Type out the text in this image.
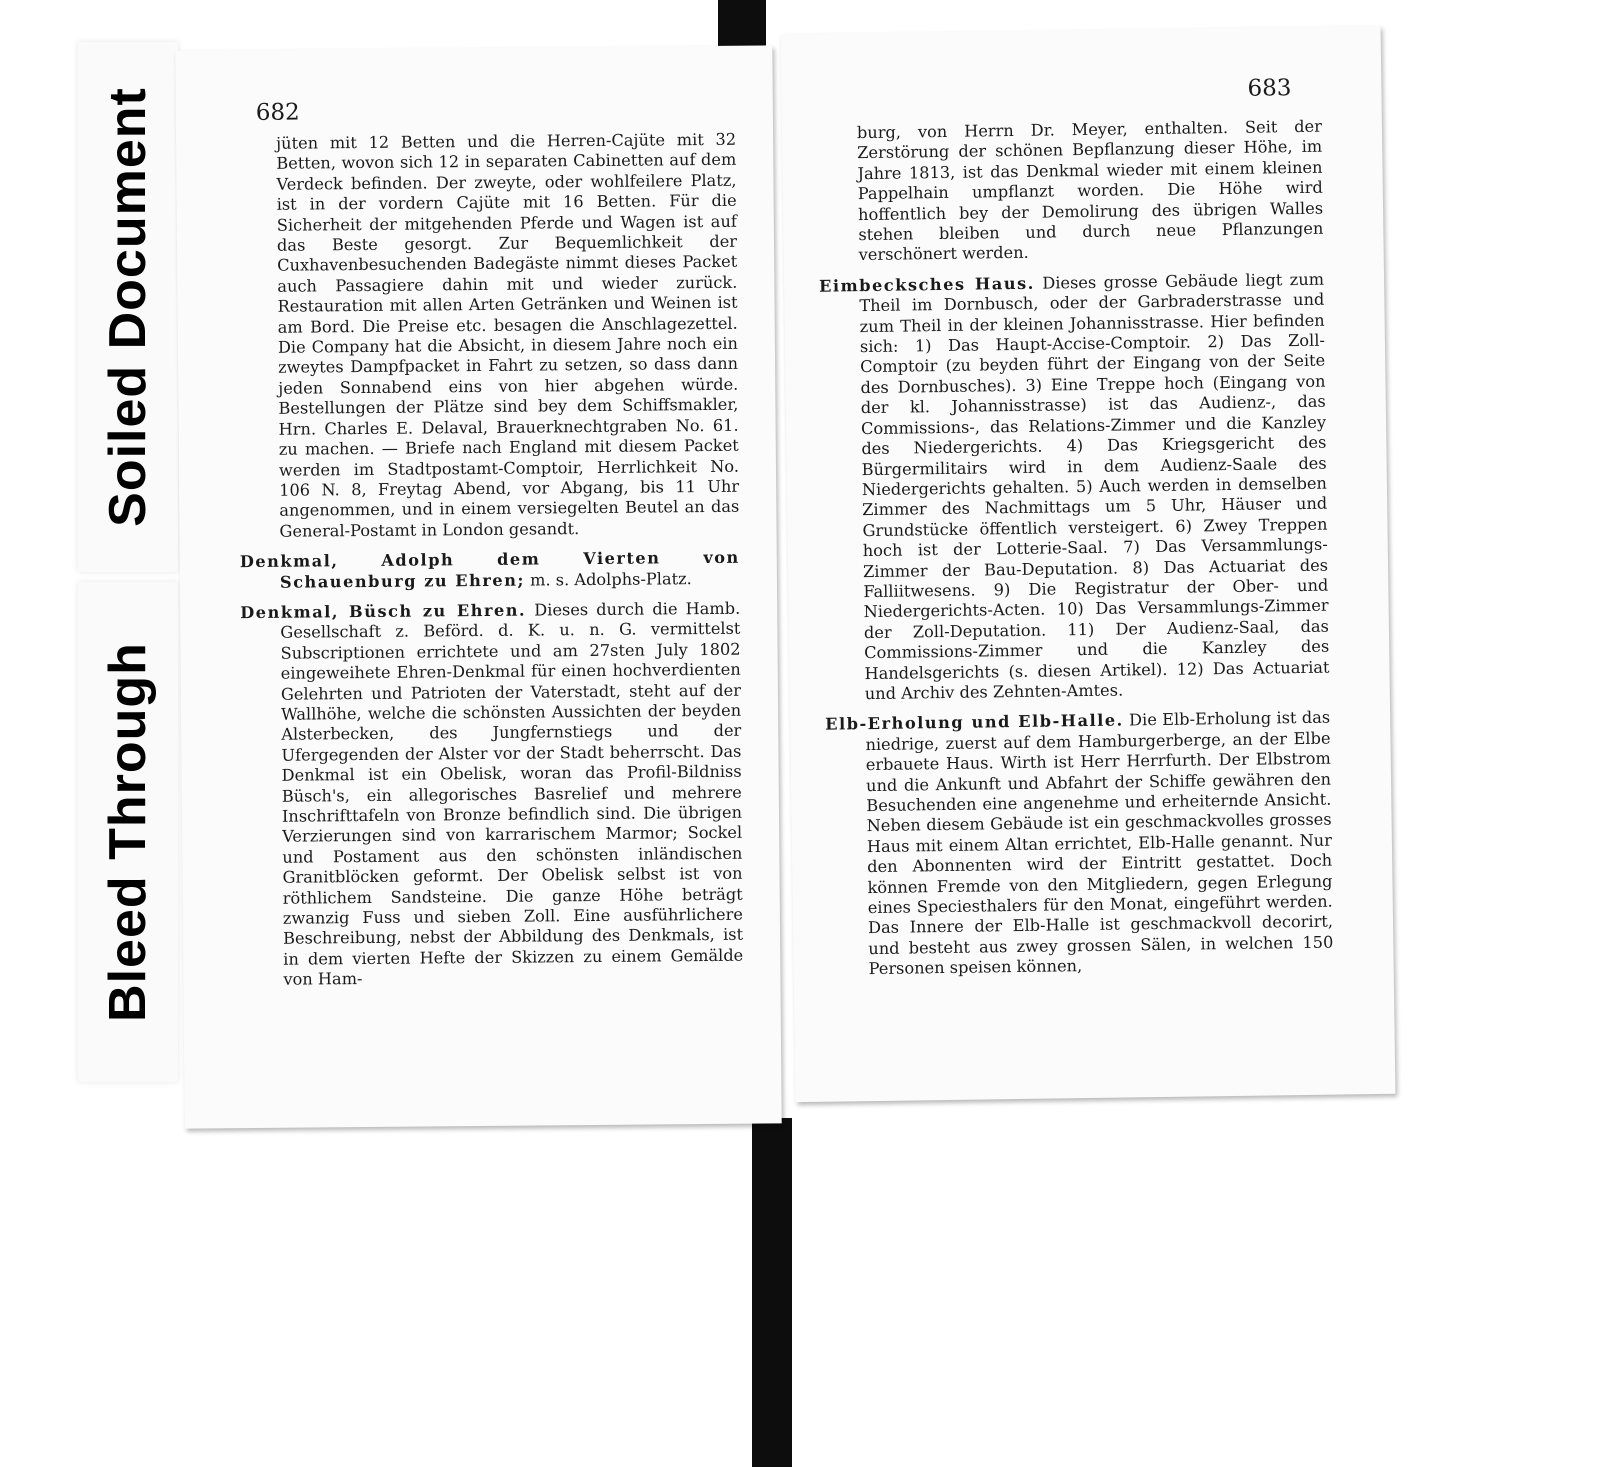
Soiled Document
Bleed Through
682

jüten mit 12 Betten und die Herren-Cajüte mit 32 Betten, wovon sich 12 in separaten Cabinetten auf dem Verdeck befinden. Der zweyte, oder wohlfeilere Platz, ist in der vordern Cajüte mit 16 Betten. Für die Sicherheit der mitgehenden Pferde und Wagen ist auf das Beste gesorgt. Zur Bequemlichkeit der Cuxhavenbesuchenden Badegäste nimmt dieses Packet auch Passagiere dahin mit und wieder zurück. Restauration mit allen Arten Getränken und Weinen ist am Bord. Die Preise etc. besagen die Anschlagezettel. Die Company hat die Absicht, in diesem Jahre noch ein zweytes Dampfpacket in Fahrt zu setzen, so dass dann jeden Sonnabend eins von hier abgehen würde. Bestellungen der Plätze sind bey dem Schiffsmakler, Hrn. Charles E. Delaval, Brauerknechtgraben No. 61. zu machen. — Briefe nach England mit diesem Packet werden im Stadtpostamt-Comptoir, Herrlichkeit No. 106 N. 8, Freytag Abend, vor Abgang, bis 11 Uhr angenommen, und in einem versiegelten Beutel an das General-Postamt in London gesandt.

Denkmal, Adolph dem Vierten von Schauenburg zu Ehren; m. s. Adolphs-Platz.

Denkmal, Büsch zu Ehren. Dieses durch die Hamb. Gesellschaft z. Beförd. d. K. u. n. G. vermittelst Subscriptionen errichtete und am 27sten July 1802 eingeweihete Ehren-Denkmal für einen hochverdienten Gelehrten und Patrioten der Vaterstadt, steht auf der Wallhöhe, welche die schönsten Aussichten der beyden Alsterbecken, des Jungfernstiegs und der Ufergegenden der Alster vor der Stadt beherrscht. Das Denkmal ist ein Obelisk, woran das Profil-Bildniss Büsch's, ein allegorisches Basrelief und mehrere Inschrifttafeln von Bronze befindlich sind. Die übrigen Verzierungen sind von karrarischem Marmor; Sockel und Postament aus den schönsten inländischen Granitblöcken geformt. Der Obelisk selbst ist von röthlichem Sandsteine. Die ganze Höhe beträgt zwanzig Fuss und sieben Zoll. Eine ausführlichere Beschreibung, nebst der Abbildung des Denkmals, ist in dem vierten Hefte der Skizzen zu einem Gemälde von Ham-

683

burg, von Herrn Dr. Meyer, enthalten. Seit der Zerstörung der schönen Bepflanzung dieser Höhe, im Jahre 1813, ist das Denkmal wieder mit einem kleinen Pappelhain umpflanzt worden. Die Höhe wird hoffentlich bey der Demolirung des übrigen Walles stehen bleiben und durch neue Pflanzungen verschönert werden.

Eimbecksches Haus. Dieses grosse Gebäude liegt zum Theil im Dornbusch, oder der Garbraderstrasse und zum Theil in der kleinen Johannisstrasse. Hier befinden sich: 1) Das Haupt-Accise-Comptoir. 2) Das Zoll-Comptoir (zu beyden führt der Eingang von der Seite des Dornbusches). 3) Eine Treppe hoch (Eingang von der kl. Johannisstrasse) ist das Audienz-, das Commissions-, das Relations-Zimmer und die Kanzley des Niedergerichts. 4) Das Kriegsgericht des Bürgermilitairs wird in dem Audienz-Saale des Niedergerichts gehalten. 5) Auch werden in demselben Zimmer des Nachmittags um 5 Uhr, Häuser und Grundstücke öffentlich versteigert. 6) Zwey Treppen hoch ist der Lotterie-Saal. 7) Das Versammlungs-Zimmer der Bau-Deputation. 8) Das Actuariat des Falliitwesens. 9) Die Registratur der Ober- und Niedergerichts-Acten. 10) Das Versammlungs-Zimmer der Zoll-Deputation. 11) Der Audienz-Saal, das Commissions-Zimmer und die Kanzley des Handelsgerichts (s. diesen Artikel). 12) Das Actuariat und Archiv des Zehnten-Amtes.

Elb-Erholung und Elb-Halle. Die Elb-Erholung ist das niedrige, zuerst auf dem Hamburgerberge, an der Elbe erbauete Haus. Wirth ist Herr Herrfurth. Der Elbstrom und die Ankunft und Abfahrt der Schiffe gewähren den Besuchenden eine angenehme und erheiternde Ansicht. Neben diesem Gebäude ist ein geschmackvolles grosses Haus mit einem Altan errichtet, Elb-Halle genannt. Nur den Abonnenten wird der Eintritt gestattet. Doch können Fremde von den Mitgliedern, gegen Erlegung eines Speciesthalers für den Monat, eingeführt werden. Das Innere der Elb-Halle ist geschmackvoll decorirt, und besteht aus zwey grossen Sälen, in welchen 150 Personen speisen können,
